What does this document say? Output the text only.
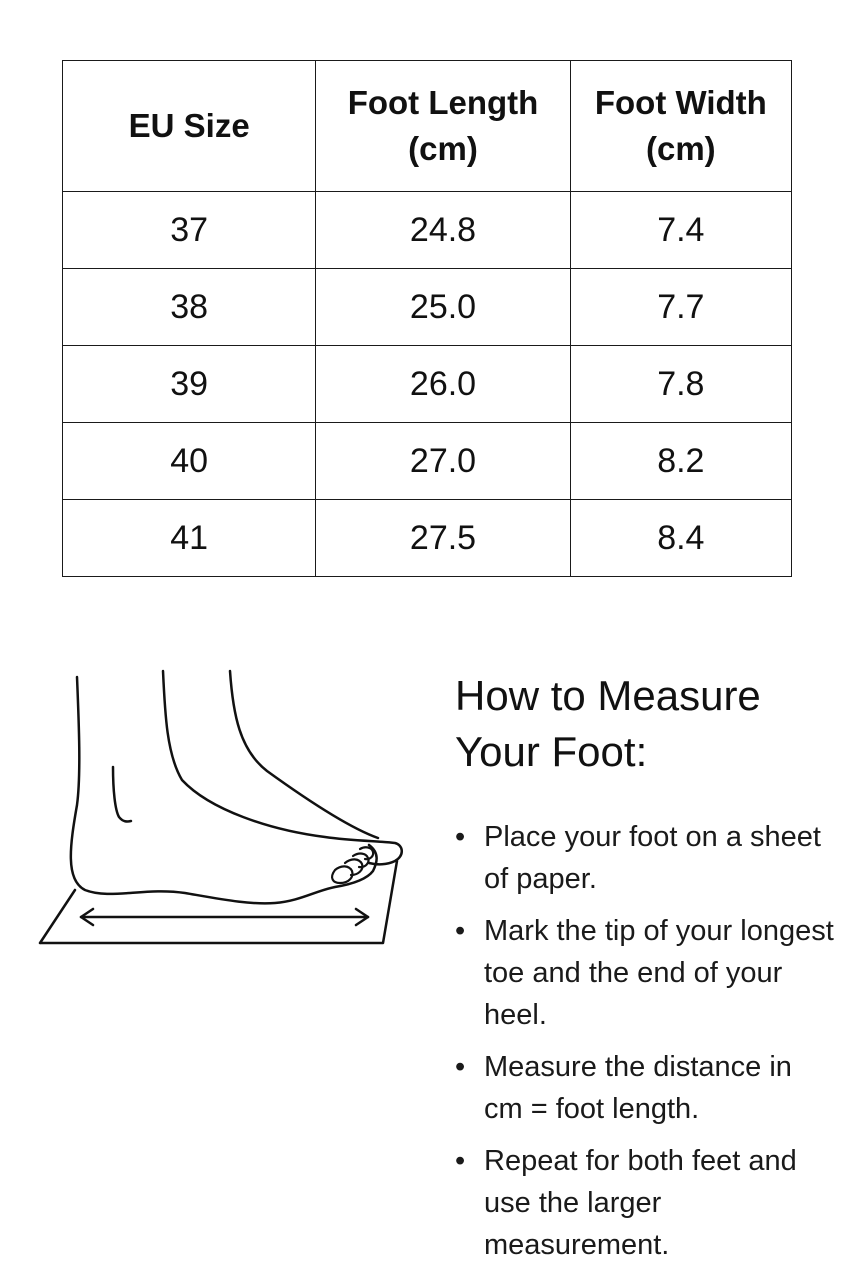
EU Size	Foot Length (cm)	Foot Width (cm)
37	24.8	7.4
38	25.0	7.7
39	26.0	7.8
40	27.0	8.2
41	27.5	8.4
How to Measure Your Foot:
• Place your foot on a sheet of paper.
• Mark the tip of your longest toe and the end of your heel.
• Measure the distance in cm = foot length.
• Repeat for both feet and use the larger measurement.
